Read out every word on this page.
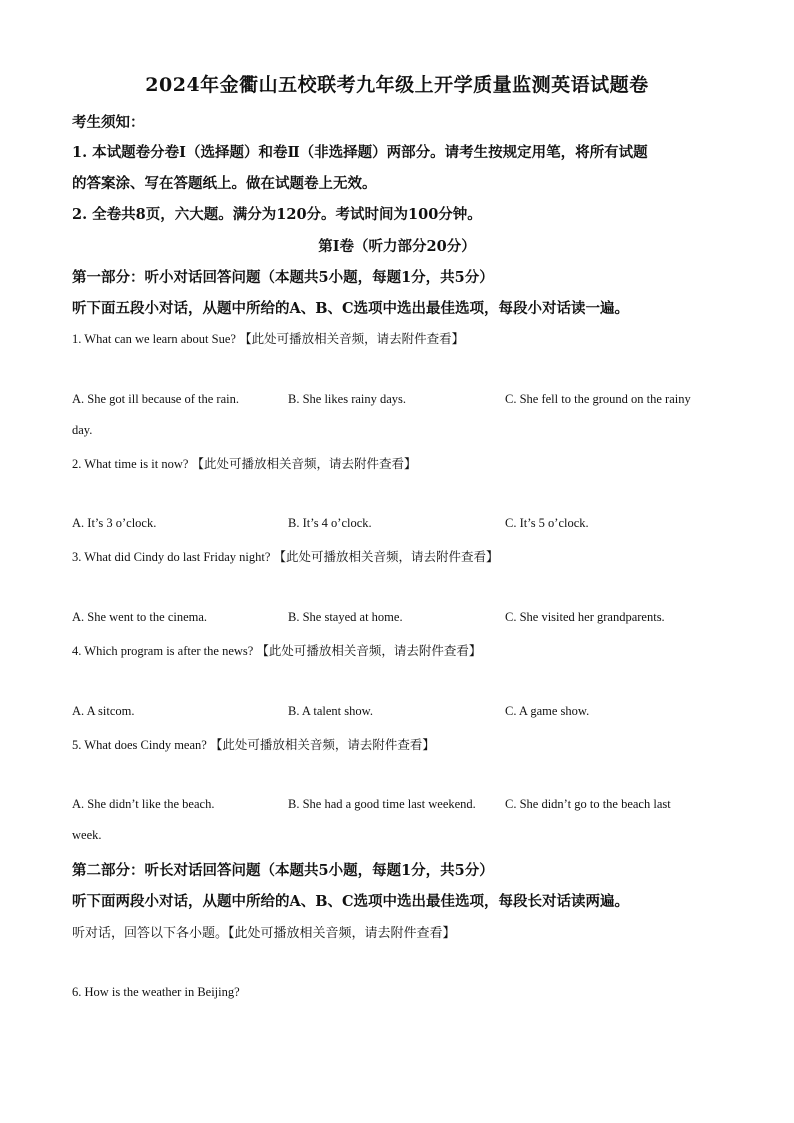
2024年金衢山五校联考九年级上开学质量监测英语试题卷
考生须知：
1. 本试题卷分卷Ⅰ（选择题）和卷Ⅱ（非选择题）两部分。请考生按规定用笔，将所有试题
的答案涂、写在答题纸上。做在试题卷上无效。
2. 全卷共8页，六大题。满分为120分。考试时间为100分钟。
第Ⅰ卷（听力部分20分）
第一部分：听小对话回答问题（本题共5小题，每题1分，共5分）
听下面五段小对话，从题中所给的A、B、C选项中选出最佳选项，每段小对话读一遍。
1. What can we learn about Sue? 【此处可播放相关音频，请去附件查看】
A. She got ill because of the rain.	B. She likes rainy days.	C. She fell to the ground on the rainy
day.
2. What time is it now? 【此处可播放相关音频，请去附件查看】
A. It’s 3 o’clock.	B. It’s 4 o’clock.	C. It’s 5 o’clock.
3. What did Cindy do last Friday night? 【此处可播放相关音频，请去附件查看】
A. She went to the cinema.	B. She stayed at home.	C. She visited her grandparents.
4. Which program is after the news? 【此处可播放相关音频，请去附件查看】
A. A sitcom.	B. A talent show.	C. A game show.
5. What does Cindy mean? 【此处可播放相关音频，请去附件查看】
A. She didn’t like the beach.	B. She had a good time last weekend. C. She didn’t go to the beach last
week.
第二部分：听长对话回答问题（本题共5小题，每题1分，共5分）
听下面两段小对话，从题中所给的A、B、C选项中选出最佳选项，每段长对话读两遍。
听对话，回答以下各小题。【此处可播放相关音频，请去附件查看】
6. How is the weather in Beijing?
